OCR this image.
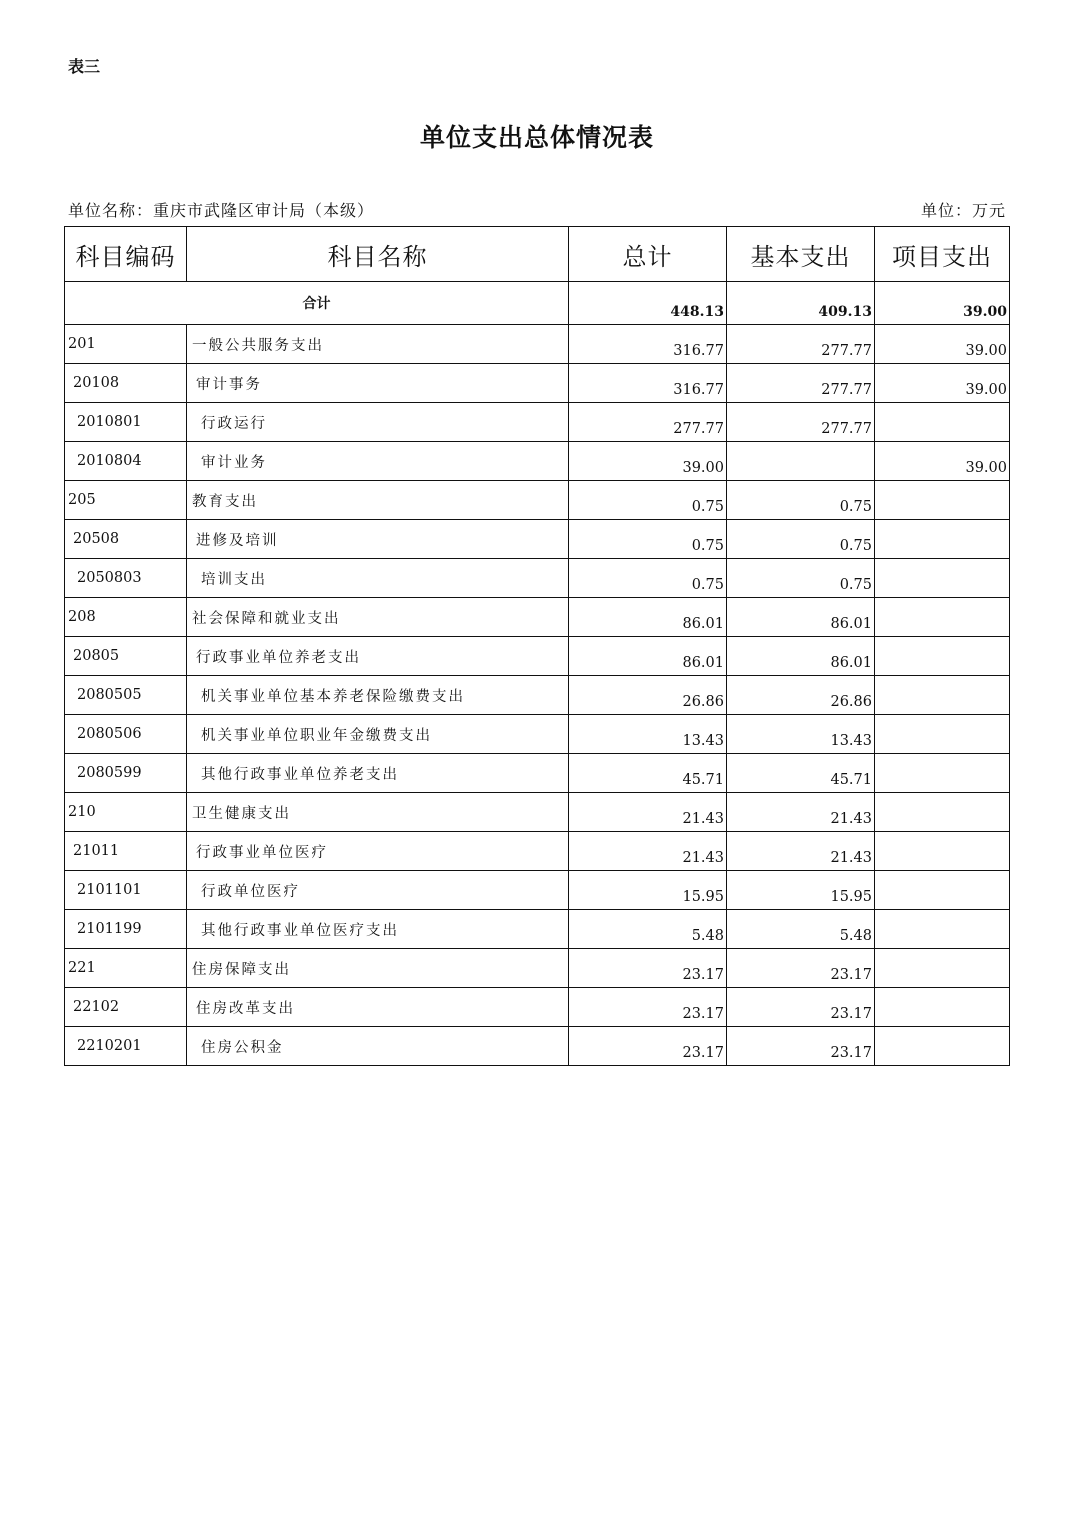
表三
单位支出总体情况表
单位名称：重庆市武隆区审计局（本级）	单位：万元
科目编码	科目名称	总计	基本支出	项目支出
合计		448.13	409.13	39.00
201	一般公共服务支出	316.77	277.77	39.00
20108	审计事务	316.77	277.77	39.00
2010801	行政运行	277.77	277.77	
2010804	审计业务	39.00		39.00
205	教育支出	0.75	0.75	
20508	进修及培训	0.75	0.75	
2050803	培训支出	0.75	0.75	
208	社会保障和就业支出	86.01	86.01	
20805	行政事业单位养老支出	86.01	86.01	
2080505	机关事业单位基本养老保险缴费支出	26.86	26.86	
2080506	机关事业单位职业年金缴费支出	13.43	13.43	
2080599	其他行政事业单位养老支出	45.71	45.71	
210	卫生健康支出	21.43	21.43	
21011	行政事业单位医疗	21.43	21.43	
2101101	行政单位医疗	15.95	15.95	
2101199	其他行政事业单位医疗支出	5.48	5.48	
221	住房保障支出	23.17	23.17	
22102	住房改革支出	23.17	23.17	
2210201	住房公积金	23.17	23.17	
